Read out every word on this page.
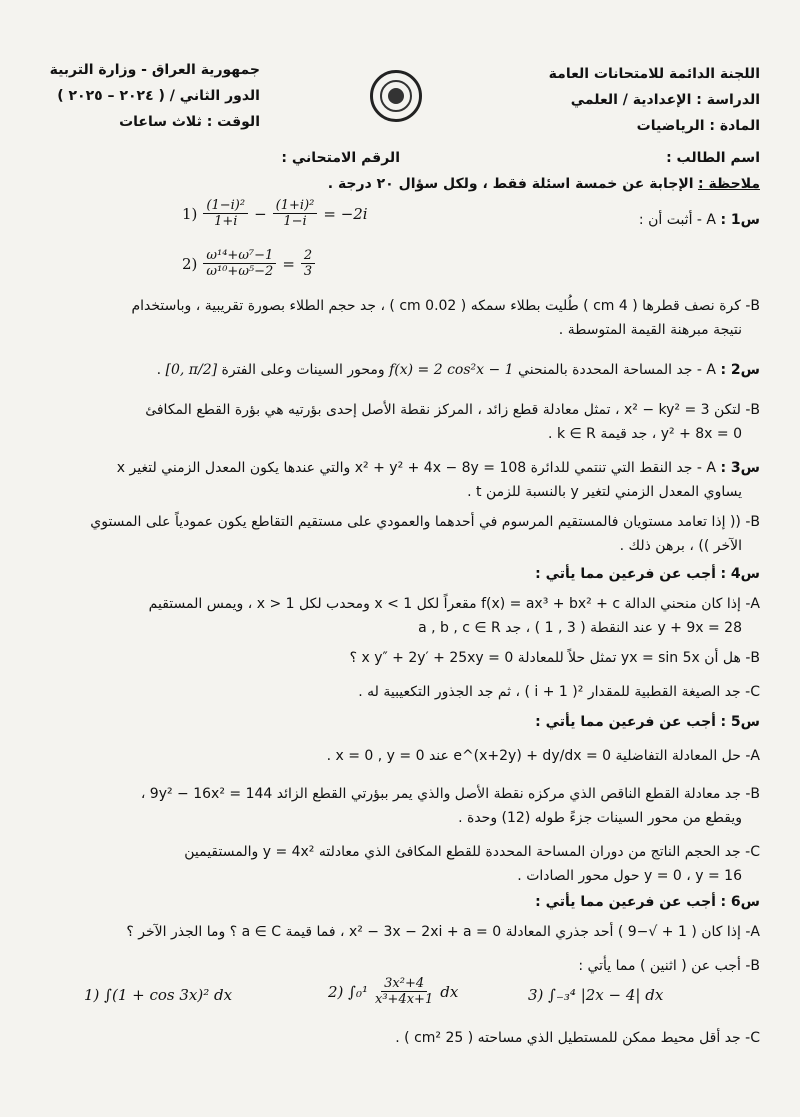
جمهورية العراق - وزارة التربية
الدور الثاني / ( ٢٠٢٤ – ٢٠٢٥ )
الوقت : ثلاث ساعات
اللجنة الدائمة للامتحانات العامة
الدراسة : الإعدادية / العلمي
المادة : الرياضيات
اسم الطالب :
الرقم الامتحاني :
ملاحظة : الإجابة عن خمسة اسئلة فقط ، ولكل سؤال ٢٠ درجة .
س1 : A - أثبت أن :
$1) \frac{\text{(1−i)²}}{1+i} - \frac{\text{(1+i)²}}{1-i} = -2i$
$2) \frac{\text{ω¹⁴+ω⁷−1}}{\text{ω¹⁰+ω⁵−2}} = \frac{2}{3}$
B- كرة نصف قطرها ( 4 cm ) طُليت بطلاء سمكه ( 0.02 cm ) ، جد حجم الطلاء بصورة تقريبية ، وباستخدام
نتيجة مبرهنة القيمة المتوسطة .
س2 : A - جد المساحة المحددة بالمنحني f(x) = 2 cos²x − 1 ومحور السينات وعلى الفترة [0, π/2] .
B- لتكن x² − ky² = 3 ، تمثل معادلة قطع زائد ، المركز نقطة الأصل إحدى بؤرتيه هي بؤرة القطع المكافئ
y² + 8x = 0 ، جد قيمة k ∈ R .
س3 : A - جد النقط التي تنتمي للدائرة x² + y² + 4x − 8y = 108 والتي عندها يكون المعدل الزمني لتغير x
يساوي المعدل الزمني لتغير y بالنسبة للزمن t .
B- (( إذا تعامد مستويان فالمستقيم المرسوم في أحدهما والعمودي على مستقيم التقاطع يكون عمودياً على المستوي
الآخر )) ، برهن ذلك .
س4 : أجب عن فرعين مما يأتي :
A- إذا كان منحني الدالة f(x) = ax³ + bx² + c مقعراً لكل x < 1 ومحدب لكل x > 1 ، ويمس المستقيم
y + 9x = 28 عند النقطة ( 3 , 1 ) ، جد a , b , c ∈ R
B- هل أن yx = sin 5x تمثل حلاً للمعادلة x y″ + 2y′ + 25xy = 0 ؟
C- جد الصيغة القطبية للمقدار ²( 1 + i ) ، ثم جد الجذور التكعيبية له .
س5 : أجب عن فرعين مما يأتي :
A- حل المعادلة التفاضلية e^(x+2y) + dy/dx = 0 عند x = 0 , y = 0 .
B- جد معادلة القطع الناقص الذي مركزه نقطة الأصل والذي يمر ببؤرتي القطع الزائد 9y² − 16x² = 144 ،
ويقطع من محور السينات جزءً طوله (12) وحدة .
C- جد الحجم الناتج من دوران المساحة المحددة للقطع المكافئ الذي معادلته y = 4x² والمستقيمين
y = 0 ، y = 16 حول محور الصادات .
س6 : أجب عن فرعين مما يأتي :
A- إذا كان ( 1 + √−9 ) أحد جذري المعادلة x² − 3x − 2xi + a = 0 ، فما قيمة a ∈ C ؟ وما الجذر الآخر ؟
B- أجب عن ( اثنين ) مما يأتي :
1) ∫(1 + cos 3x)² dx	2) $\int_0^1 \frac{\text{3x²+4}}{\text{x³+4x+1}}$ dx	3) ∫₋₃⁴ |2x − 4| dx
C- جد أقل محيط ممكن للمستطيل الذي مساحته ( 25 cm² ) .
